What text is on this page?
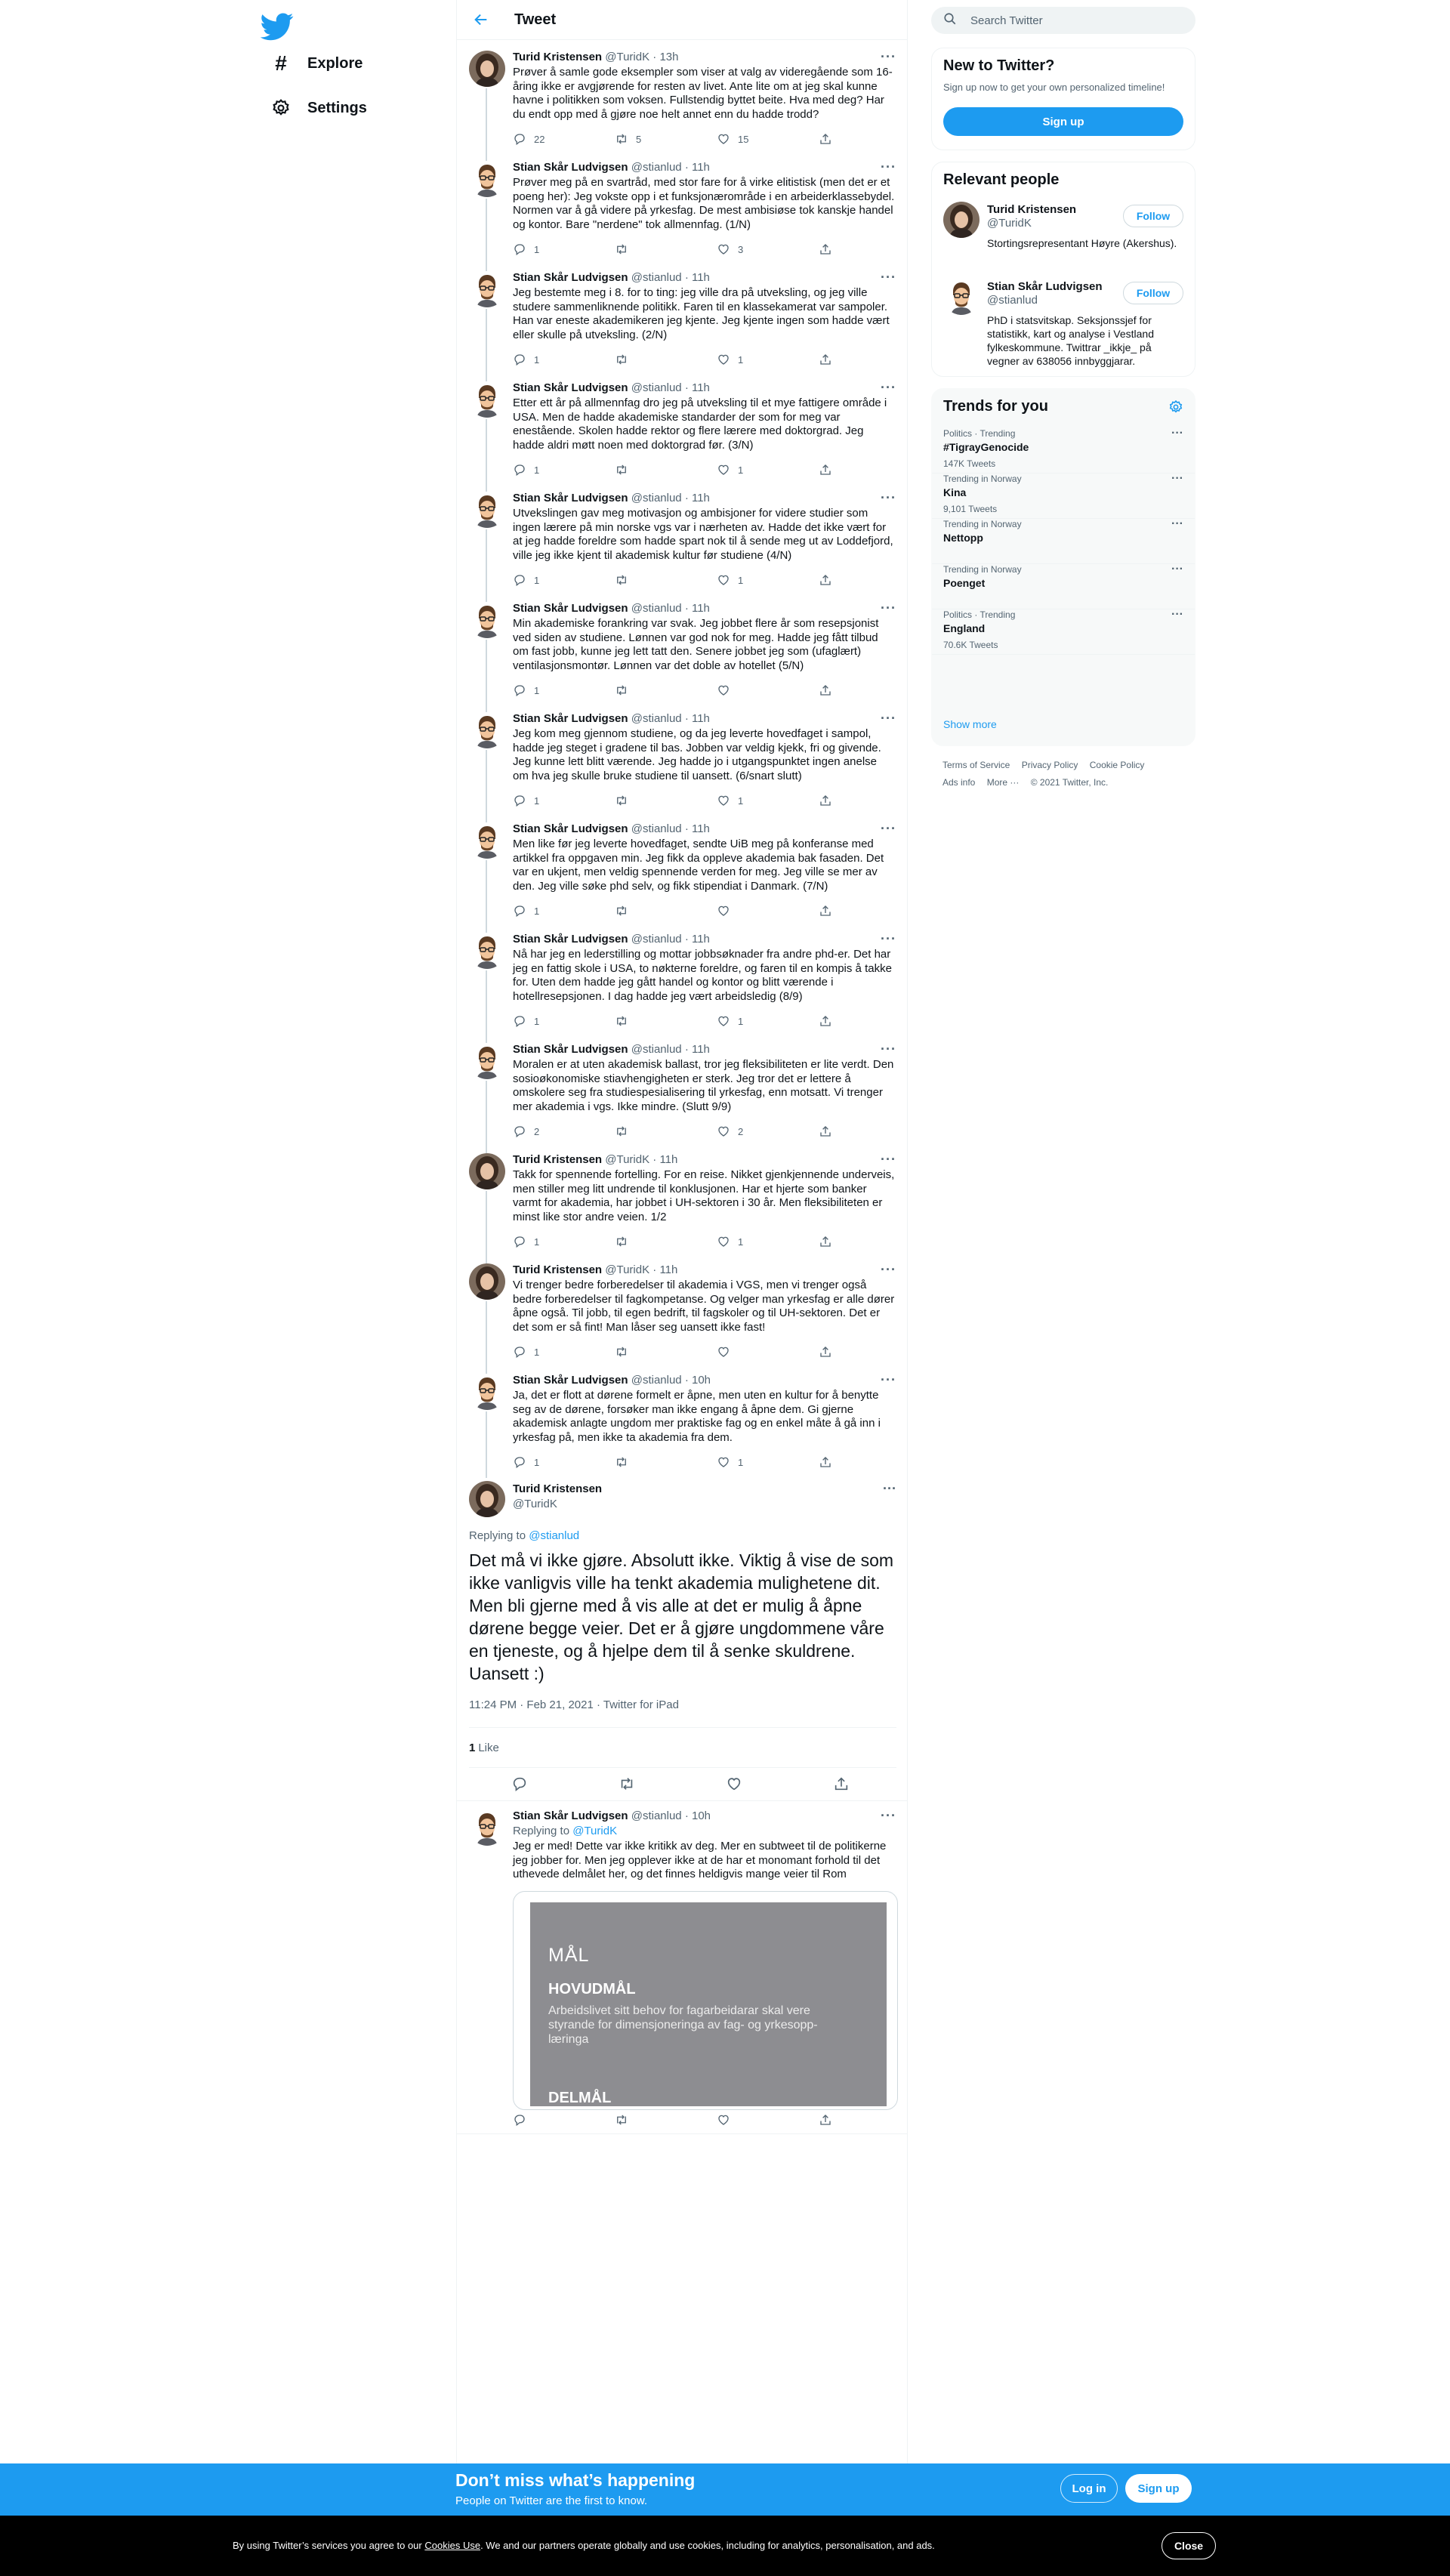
#	Explore
Settings
Tweet
Turid Kristensen @TuridK · 13h	···
Prøver å samle gode eksempler som viser at valg av videregående som 16-åring ikke er avgjørende for resten av livet. Ante lite om at jeg skal kunne havne i politikken som voksen. Fullstendig byttet beite. Hva med deg? Har du endt opp med å gjøre noe helt annet enn du hadde trodd?
22	5	15
Stian Skår Ludvigsen @stianlud · 11h	···
Prøver meg på en svartråd, med stor fare for å virke elitistisk (men det er et poeng her): Jeg vokste opp i et funksjonærområde i en arbeiderklassebydel. Normen var å gå videre på yrkesfag. De mest ambisiøse tok kanskje handel og kontor. Bare "nerdene" tok allmennfag. (1/N)
1	3
Stian Skår Ludvigsen @stianlud · 11h	···
Jeg bestemte meg i 8. for to ting: jeg ville dra på utveksling, og jeg ville studere sammenliknende politikk. Faren til en klassekamerat var sampoler. Han var eneste akademikeren jeg kjente. Jeg kjente ingen som hadde vært eller skulle på utveksling. (2/N)
1	1
Stian Skår Ludvigsen @stianlud · 11h	···
Etter ett år på allmennfag dro jeg på utveksling til et mye fattigere område i USA. Men de hadde akademiske standarder der som for meg var enestående. Skolen hadde rektor og flere lærere med doktorgrad. Jeg hadde aldri møtt noen med doktorgrad før. (3/N)
1	1
Stian Skår Ludvigsen @stianlud · 11h	···
Utvekslingen gav meg motivasjon og ambisjoner for videre studier som ingen lærere på min norske vgs var i nærheten av. Hadde det ikke vært for at jeg hadde foreldre som hadde spart nok til å sende meg ut av Loddefjord, ville jeg ikke kjent til akademisk kultur før studiene (4/N)
1	1
Stian Skår Ludvigsen @stianlud · 11h	···
Min akademiske forankring var svak. Jeg jobbet flere år som resepsjonist ved siden av studiene. Lønnen var god nok for meg. Hadde jeg fått tilbud om fast jobb, kunne jeg lett tatt den. Senere jobbet jeg som (ufaglært) ventilasjonsmontør. Lønnen var det doble av hotellet (5/N)
1
Stian Skår Ludvigsen @stianlud · 11h	···
Jeg kom meg gjennom studiene, og da jeg leverte hovedfaget i sampol, hadde jeg steget i gradene til bas. Jobben var veldig kjekk, fri og givende. Jeg kunne lett blitt værende. Jeg hadde jo i utgangspunktet ingen anelse om hva jeg skulle bruke studiene til uansett. (6/snart slutt)
1	1
Stian Skår Ludvigsen @stianlud · 11h	···
Men like før jeg leverte hovedfaget, sendte UiB meg på konferanse med artikkel fra oppgaven min. Jeg fikk da oppleve akademia bak fasaden. Det var en ukjent, men veldig spennende verden for meg. Jeg ville se mer av den. Jeg ville søke phd selv, og fikk stipendiat i Danmark. (7/N)
1
Stian Skår Ludvigsen @stianlud · 11h	···
Nå har jeg en lederstilling og mottar jobbsøknader fra andre phd-er. Det har jeg en fattig skole i USA, to nøkterne foreldre, og faren til en kompis å takke for. Uten dem hadde jeg gått handel og kontor og blitt værende i hotellresepsjonen. I dag hadde jeg vært arbeidsledig (8/9)
1	1
Stian Skår Ludvigsen @stianlud · 11h	···
Moralen er at uten akademisk ballast, tror jeg fleksibiliteten er lite verdt. Den sosioøkonomiske stiavhengigheten er sterk. Jeg tror det er lettere å omskolere seg fra studiespesialisering til yrkesfag, enn motsatt. Vi trenger mer akademia i vgs. Ikke mindre. (Slutt 9/9)
2	2
Turid Kristensen @TuridK · 11h	···
Takk for spennende fortelling. For en reise. Nikket gjenkjennende underveis, men stiller meg litt undrende til konklusjonen. Har et hjerte som banker varmt for akademia, har jobbet i UH-sektoren i 30 år. Men fleksibiliteten er minst like stor andre veien. 1/2
1	1
Turid Kristensen @TuridK · 11h	···
Vi trenger bedre forberedelser til akademia i VGS, men vi trenger også bedre forberedelser til fagkompetanse. Og velger man yrkesfag er alle dører åpne også. Til jobb, til egen bedrift, til fagskoler og til UH-sektoren. Det er det som er så fint! Man låser seg uansett ikke fast!
1
Stian Skår Ludvigsen @stianlud · 10h	···
Ja, det er flott at dørene formelt er åpne, men uten en kultur for å benytte seg av de dørene, forsøker man ikke engang å åpne dem. Gi gjerne akademisk anlagte ungdom mer praktiske fag og en enkel måte å gå inn i yrkesfag på, men ikke ta akademia fra dem.
1	1
Turid Kristensen
@TuridK
···
Replying to @stianlud
Det må vi ikke gjøre. Absolutt ikke. Viktig å vise de som ikke vanligvis ville ha tenkt akademia mulighetene dit. Men bli gjerne med å vis alle at det er mulig å åpne dørene begge veier. Det er å gjøre ungdommene våre en tjeneste, og å hjelpe dem til å senke skuldrene. Uansett :)
11:24 PM · Feb 21, 2021 · Twitter for iPad
1 Like
Stian Skår Ludvigsen @stianlud · 10h	···
Replying to @TuridK
Jeg er med! Dette var ikke kritikk av deg. Mer en subtweet til de politikerne jeg jobber for. Men jeg opplever ikke at de har et monomant forhold til det uthevede delmålet her, og det finnes heldigvis mange veier til Rom
MÅL
HOVUDMÅL
Arbeidslivet sitt behov for fagarbeidarar skal vere styrande for dimensjoneringa av fag- og yrkesopp-læringa
DELMÅL
Search Twitter
New to Twitter?
Sign up now to get your own personalized timeline!
Sign up
Relevant people
Turid Kristensen
@TuridK
Stortingsrepresentant Høyre (Akershus).
Follow
Stian Skår Ludvigsen
@stianlud
PhD i statsvitskap. Seksjonssjef for statistikk, kart og analyse i Vestland fylkeskommune. Twittrar _ikkje_ på vegner av 638056 innbyggjarar.
Follow
Trends for you
Politics · Trending
#TigrayGenocide
147K Tweets
···
Trending in Norway
Kina
9,101 Tweets
···
Trending in Norway
Nettopp
···
Trending in Norway
Poenget
···
Politics · Trending
England
70.6K Tweets
···
Show more
Terms of Service Privacy Policy Cookie Policy
Ads info More ··· © 2021 Twitter, Inc.
Don’t miss what’s happening
People on Twitter are the first to know.
Log in	Sign up
By using Twitter’s services you agree to our Cookies Use. We and our partners operate globally and use cookies, including for analytics, personalisation, and ads.	Close
